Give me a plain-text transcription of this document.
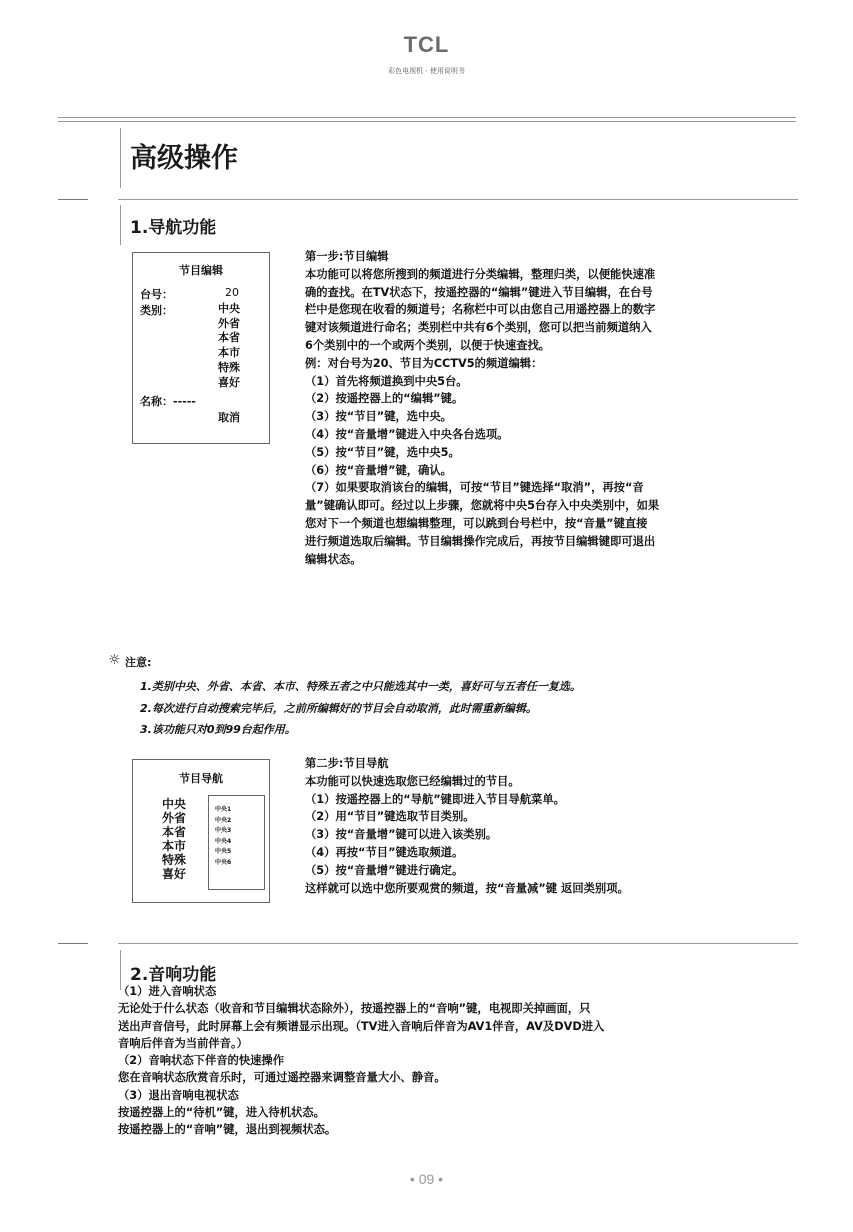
TCL
彩色电视机 · 使用说明书
高级操作
1.导航功能
节目编辑
台号：	20
类别：	中央
外省
本省
本市
特殊
喜好
名称：-----
取消

第一步:节目编辑

本功能可以将您所搜到的频道进行分类编辑，整理归类，以便能快速准

确的查找。在TV状态下，按遥控器的“编辑”键进入节目编辑，在台号

栏中是您现在收看的频道号；名称栏中可以由您自己用遥控器上的数字

键对该频道进行命名；类别栏中共有6个类别，您可以把当前频道纳入

6个类别中的一个或两个类别，以便于快速查找。

例：对台号为20、节目为CCTV5的频道编辑：

（1）首先将频道换到中央5台。

（2）按遥控器上的“编辑”键。

（3）按“节目”键，选中央。

（4）按“音量增”键进入中央各台选项。

（5）按“节目”键，选中央5。

（6）按“音量增”键，确认。

（7）如果要取消该台的编辑，可按“节目”键选择“取消”，再按“音

量”键确认即可。经过以上步骤，您就将中央5台存入中央类别中，如果

您对下一个频道也想编辑整理，可以跳到台号栏中，按“音量”键直接

进行频道选取后编辑。节目编辑操作完成后，再按节目编辑键即可退出

编辑状态。

☼ 注意:

1.类别中央、外省、本省、本市、特殊五者之中只能选其中一类，喜好可与五者任一复选。

2.每次进行自动搜索完毕后，之前所编辑好的节目会自动取消，此时需重新编辑。

3.该功能只对0到99台起作用。

节目导航
中央
外省
本省
本市
特殊
喜好
中央1
中央2
中央3
中央4
中央5
中央6

第二步:节目导航

本功能可以快速选取您已经编辑过的节目。

（1）按遥控器上的“导航”键即进入节目导航菜单。

（2）用“节目”键选取节目类别。

（3）按“音量增”键可以进入该类别。

（4）再按“节目”键选取频道。

（5）按“音量增”键进行确定。

这样就可以选中您所要观赏的频道，按“音量减”键 返回类别项。

2.音响功能

（1）进入音响状态

无论处于什么状态（收音和节目编辑状态除外），按遥控器上的“音响”键，电视即关掉画面，只

送出声音信号，此时屏幕上会有频谱显示出现。（TV进入音响后伴音为AV1伴音，AV及DVD进入

音响后伴音为当前伴音。）

（2）音响状态下伴音的快速操作

您在音响状态欣赏音乐时，可通过遥控器来调整音量大小、静音。

（3）退出音响电视状态

按遥控器上的“待机”键，进入待机状态。

按遥控器上的“音响”键，退出到视频状态。

• 09 •
